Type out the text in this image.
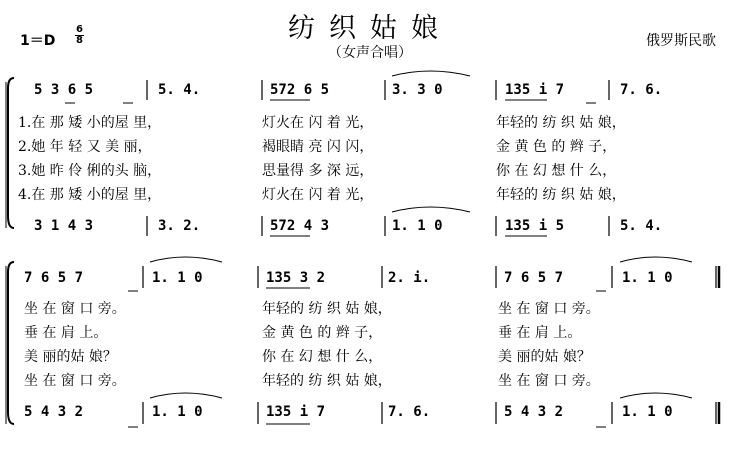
纺织姑娘
（女声合唱）
1＝D
6
8	俄罗斯民歌
5 3 6 5	5. 4.	572 6 5	3. 3 0	135 i 7	7. 6.
1.在 那 矮 小的屋 里，	灯火在 闪 着 光，	年轻的 纺 织 姑 娘，
2.她 年 轻 又 美 丽，	褐眼睛 亮 闪 闪，	金 黄 色 的 辫 子，
3.她 昨 伶 俐的头 脑，	思量得 多 深 远，	你 在 幻 想 什 么，
4.在 那 矮 小的屋 里，	灯火在 闪 着 光，	年轻的 纺 织 姑 娘，
3 1 4 3	3. 2.	572 4 3	1. 1 0	135 i 5	5. 4.
7 6 5 7	1. 1 0	135 3 2	2. i.	7 6 5 7	1. 1 0
坐 在 窗 口 旁。	年轻的 纺 织 姑 娘，	坐 在 窗 口 旁。
垂 在 肩 上。	金 黄 色 的 辫 子，	垂 在 肩 上。
美 丽的姑 娘？	你 在 幻 想 什 么，	美 丽的姑 娘？
坐 在 窗 口 旁。	年轻的 纺 织 姑 娘，	坐 在 窗 口 旁。
5 4 3 2	1. 1 0	135 i 7	7. 6.	5 4 3 2	1. 1 0
